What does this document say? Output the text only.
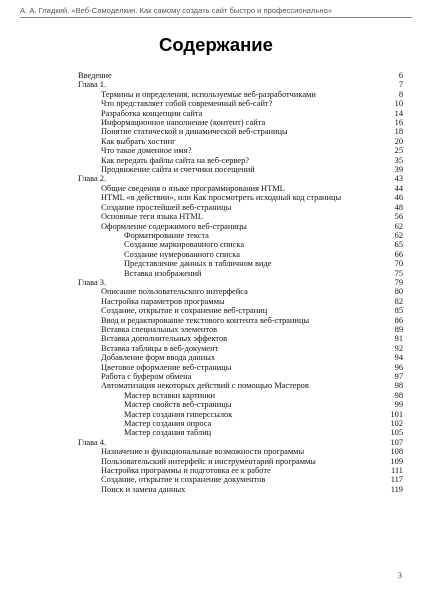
А. А. Гладкий. «Веб-Самоделкин. Как самому создать сайт быстро и профессионально»
Содержание
Введение	6
Глава 1.	7
Термины и определения, используемые веб-разработчиками	8
Что представляет собой современный веб-сайт?	10
Разработка концепции сайта	14
Информационное наполнение (контент) сайта	16
Понятие статической и динамической веб-страницы	18
Как выбрать хостинг	20
Что такое доменное имя?	25
Как передать файлы сайта на веб-сервер?	35
Продвижение сайта и счетчики посещений	39
Глава 2.	43
Общие сведения о языке программирования HTML	44
HTML «в действии», или Как просмотреть исходный код страницы	46
Создание простейшей веб-страницы	48
Основные теги языка HTML	56
Оформление содержимого веб-страницы	62
Форматирование текста	62
Создание маркированного списка	65
Создание нумерованного списка	66
Представление данных в табличном виде	70
Вставка изображений	75
Глава 3.	79
Описание пользовательского интерфейса	80
Настройка параметров программы	82
Создание, открытие и сохранение веб-страниц	85
Ввод и редактирование текстового контента веб-страницы	86
Вставка специальных элементов	89
Вставка дополнительных эффектов	91
Вставка таблицы в веб-документ	92
Добавление форм ввода данных	94
Цветовое оформление веб-страницы	96
Работа с буфером обмена	97
Автоматизация некоторых действий с помощью Мастеров	98
Мастер вставки картинки	98
Мастер свойств веб-страницы	99
Мастер создания гиперссылок	101
Мастер создания опроса	102
Мастер создания таблиц	105
Глава 4.	107
Назначение и функциональные возможности программы	108
Пользовательский интерфейс и инструментарий программы	109
Настройка программы и подготовка ее к работе	111
Создание, открытие и сохранение документов	117
Поиск и замена данных	119
3
